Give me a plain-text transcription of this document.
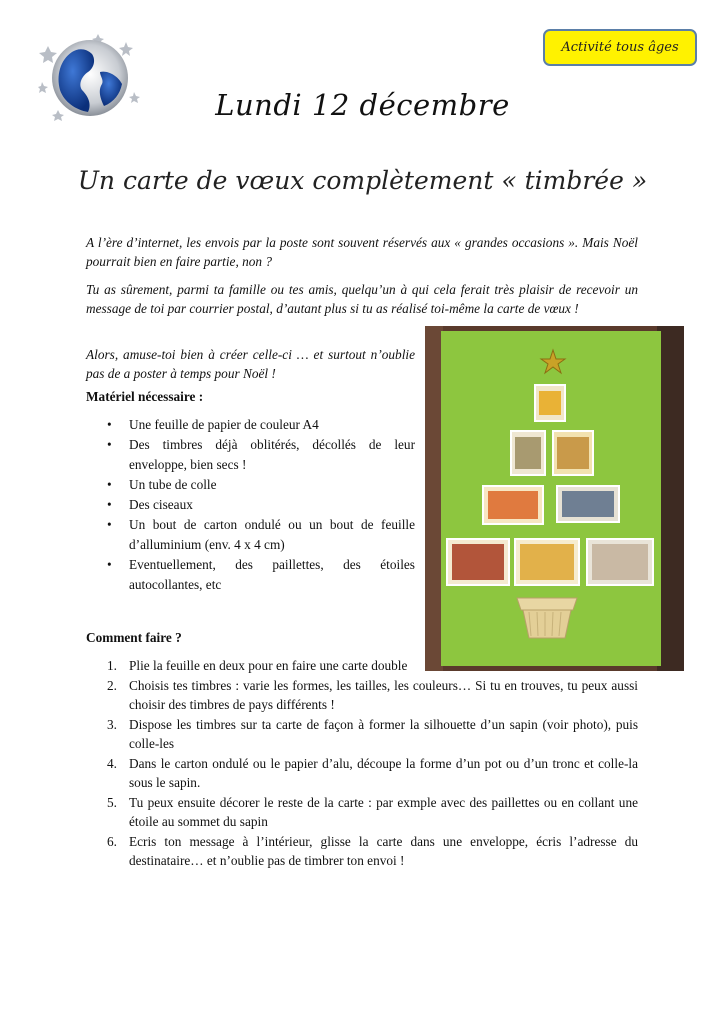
Activité tous âges
Lundi 12 décembre
Un carte de vœux complètement « timbrée »

A l’ère d’internet, les envois par la poste sont souvent réservés aux « grandes occasions ». Mais Noël pourrait bien en faire partie, non ?

Tu as sûrement, parmi ta famille ou tes amis, quelqu’un à qui cela ferait très plaisir de recevoir un message de toi par courrier postal, d’autant plus si tu as réalisé toi-même la carte de vœux !

Alors, amuse-toi bien à créer celle-ci … et surtout n’oublie pas de a poster à temps pour Noël !

Matériel nécessaire :
• Une feuille de papier de couleur A4
• Des timbres déjà oblitérés, décollés de leur enveloppe, bien secs !
• Un tube de colle
• Des ciseaux
• Un bout de carton ondulé ou un bout de feuille d’alluminium (env. 4 x 4 cm)
• Eventuellement, des paillettes, des étoiles autocollantes, etc
Comment faire ?
1. Plie la feuille en deux pour en faire une carte double
2. Choisis tes timbres : varie les formes, les tailles, les couleurs… Si tu en trouves, tu peux aussi choisir des timbres de pays différents !
3. Dispose les timbres sur ta carte de façon à former la silhouette d’un sapin (voir photo), puis colle-les
4. Dans le carton ondulé ou le papier d’alu, découpe la forme d’un pot ou d’un tronc et colle-la sous le sapin.
5. Tu peux ensuite décorer le reste de la carte : par exmple avec des paillettes ou en collant une étoile au sommet du sapin
6. Ecris ton message à l’intérieur, glisse la carte dans une enveloppe, écris l’adresse du destinataire… et n’oublie pas de timbrer ton envoi !
